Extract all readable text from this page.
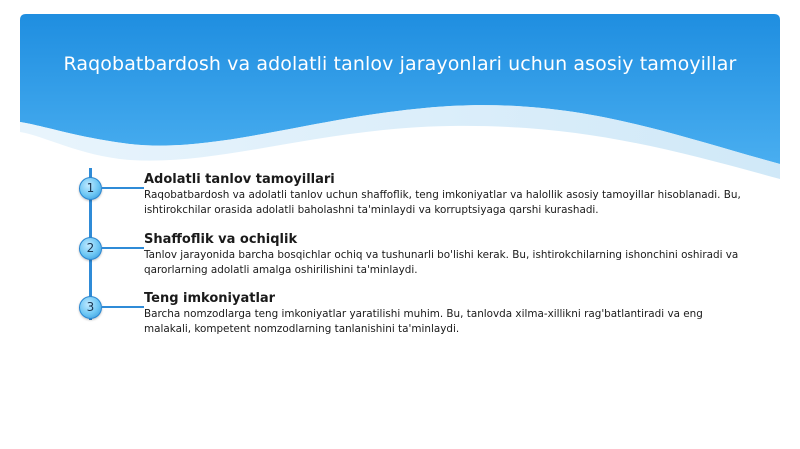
Raqobatbardosh va adolatli tanlov jarayonlari uchun asosiy tamoyillar
1

Adolatli tanlov tamoyillari

Raqobatbardosh va adolatli tanlov uchun shaffoflik, teng imkoniyatlar va halollik asosiy tamoyillar hisoblanadi. Bu, ishtirokchilar orasida adolatli baholashni ta'minlaydi va korruptsiyaga qarshi kurashadi.

2

Shaffoflik va ochiqlik

Tanlov jarayonida barcha bosqichlar ochiq va tushunarli bo'lishi kerak. Bu, ishtirokchilarning ishonchini oshiradi va qarorlarning adolatli amalga oshirilishini ta'minlaydi.

3

Teng imkoniyatlar

Barcha nomzodlarga teng imkoniyatlar yaratilishi muhim. Bu, tanlovda xilma-xillikni rag'batlantiradi va eng malakali, kompetent nomzodlarning tanlanishini ta'minlaydi.
